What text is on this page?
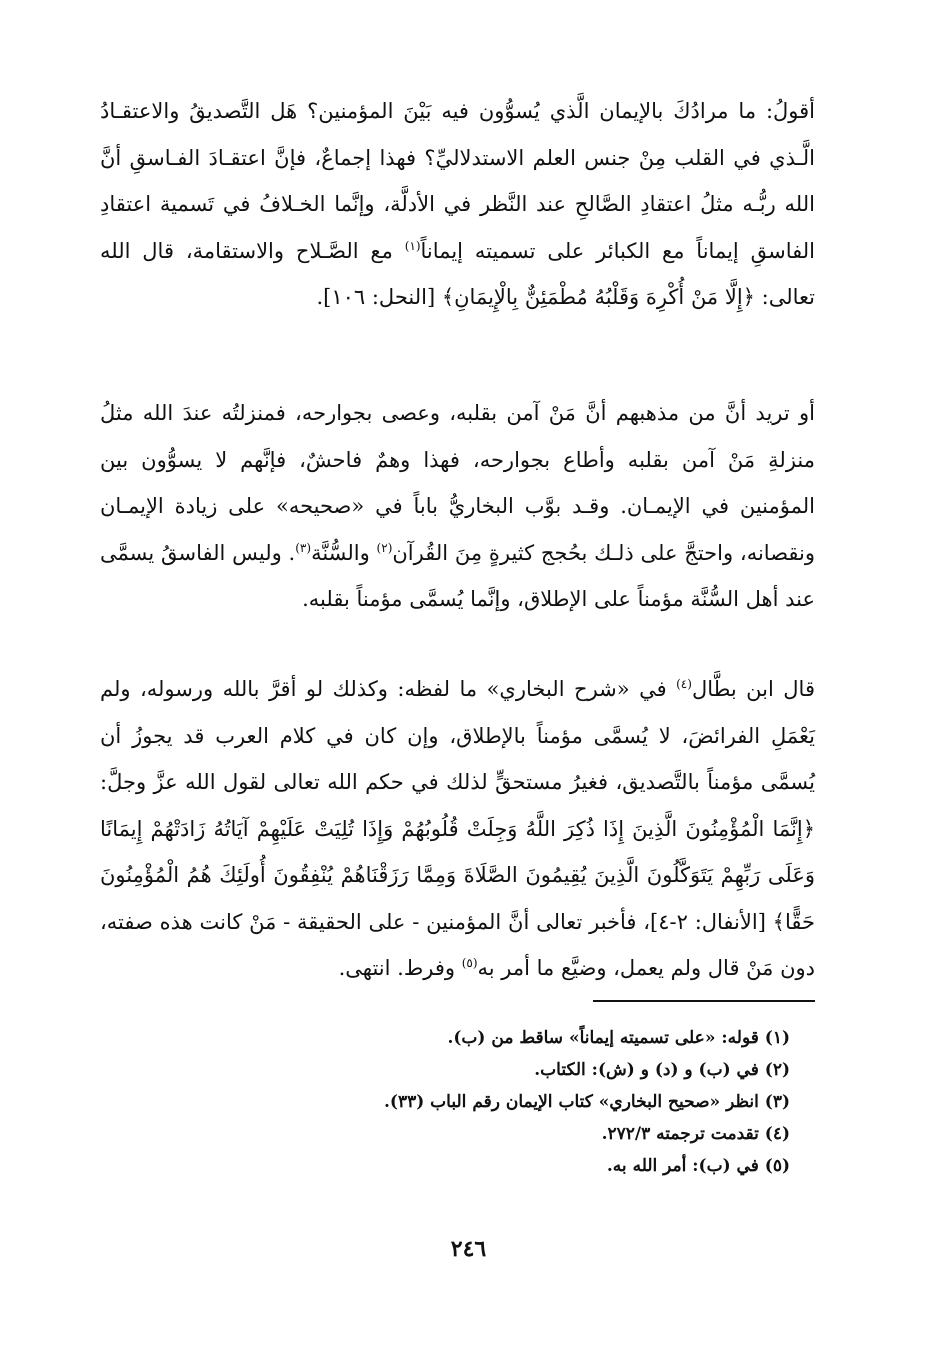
أقولُ: ما مرادُكَ بالإيمان الَّذي يُسوُّون فيه بَيْنَ المؤمنين؟ هَل التَّصديقُ والاعتقـادُ الَّـذي في القلب مِنْ جنس العلم الاستدلاليِّ؟ فهذا إجماعٌ، فإنَّ اعتقـادَ الفـاسقِ أنَّ الله ربُّـه مثلُ اعتقادِ الصَّالحِ عند النَّظر في الأدلَّة، وإنَّما الخـلافُ في تَسمية اعتقادِ الفاسقِ إيماناً مع الكبائر على تسميته إيماناً$^{(١)}$ مع الصَّـلاح والاستقامة، قال الله تعالى: ﴿إِلَّا مَنْ أُكْرِهَ وَقَلْبُهُ مُطْمَئِنٌّ بِالْإِيمَانِ﴾ [النحل: ١٠٦].

أو تريد أنَّ من مذهبهم أنَّ مَنْ آمن بقلبه، وعصى بجوارحه، فمنزلتُه عندَ الله مثلُ منزلةِ مَنْ آمن بقلبه وأطاع بجوارحه، فهذا وهمٌ فاحشٌ، فإنَّهم لا يسوُّون بين المؤمنين في الإيمـان. وقـد بوَّب البخاريُّ باباً في «صحيحه» على زيادة الإيمـان ونقصانه، واحتجَّ على ذلـك بحُجج كثيرةٍ مِنَ القُرآن$^{(٢)}$ والسُّنَّة$^{(٣)}$. وليس الفاسقُ يسمَّى عند أهل السُّنَّة مؤمناً على الإطلاق، وإنَّما يُسمَّى مؤمناً بقلبه.

قال ابن بطَّال$^{(٤)}$ في «شرح البخاري» ما لفظه: وكذلك لو أقرَّ بالله ورسوله، ولم يَعْمَلِ الفرائضَ، لا يُسمَّى مؤمناً بالإطلاق، وإن كان في كلام العرب قد يجوزُ أن يُسمَّى مؤمناً بالتَّصديق، فغيرُ مستحقٍّ لذلك في حكم الله تعالى لقول الله عزَّ وجلَّ: ﴿إِنَّمَا الْمُؤْمِنُونَ الَّذِينَ إِذَا ذُكِرَ اللَّهُ وَجِلَتْ قُلُوبُهُمْ وَإِذَا تُلِيَتْ عَلَيْهِمْ آيَاتُهُ زَادَتْهُمْ إِيمَانًا وَعَلَى رَبِّهِمْ يَتَوَكَّلُونَ الَّذِينَ يُقِيمُونَ الصَّلَاةَ وَمِمَّا رَزَقْنَاهُمْ يُنْفِقُونَ أُولَئِكَ هُمُ الْمُؤْمِنُونَ حَقًّا﴾ [الأنفال: ٢-٤]، فأخبر تعالى أنَّ المؤمنين - على الحقيقة - مَنْ كانت هذه صفته، دون مَنْ قال ولم يعمل، وضيَّع ما أمر به$^{(٥)}$ وفرط. انتهى.

(١) قوله: «على تسميته إيماناً» ساقط من (ب).
(٢) في (ب) و (د) و (ش): الكتاب.
(٣) انظر «صحيح البخاري» كتاب الإيمان رقم الباب (٣٣).
(٤) تقدمت ترجمته ٢٧٢/٣.
(٥) في (ب): أمر الله به.
٢٤٦
